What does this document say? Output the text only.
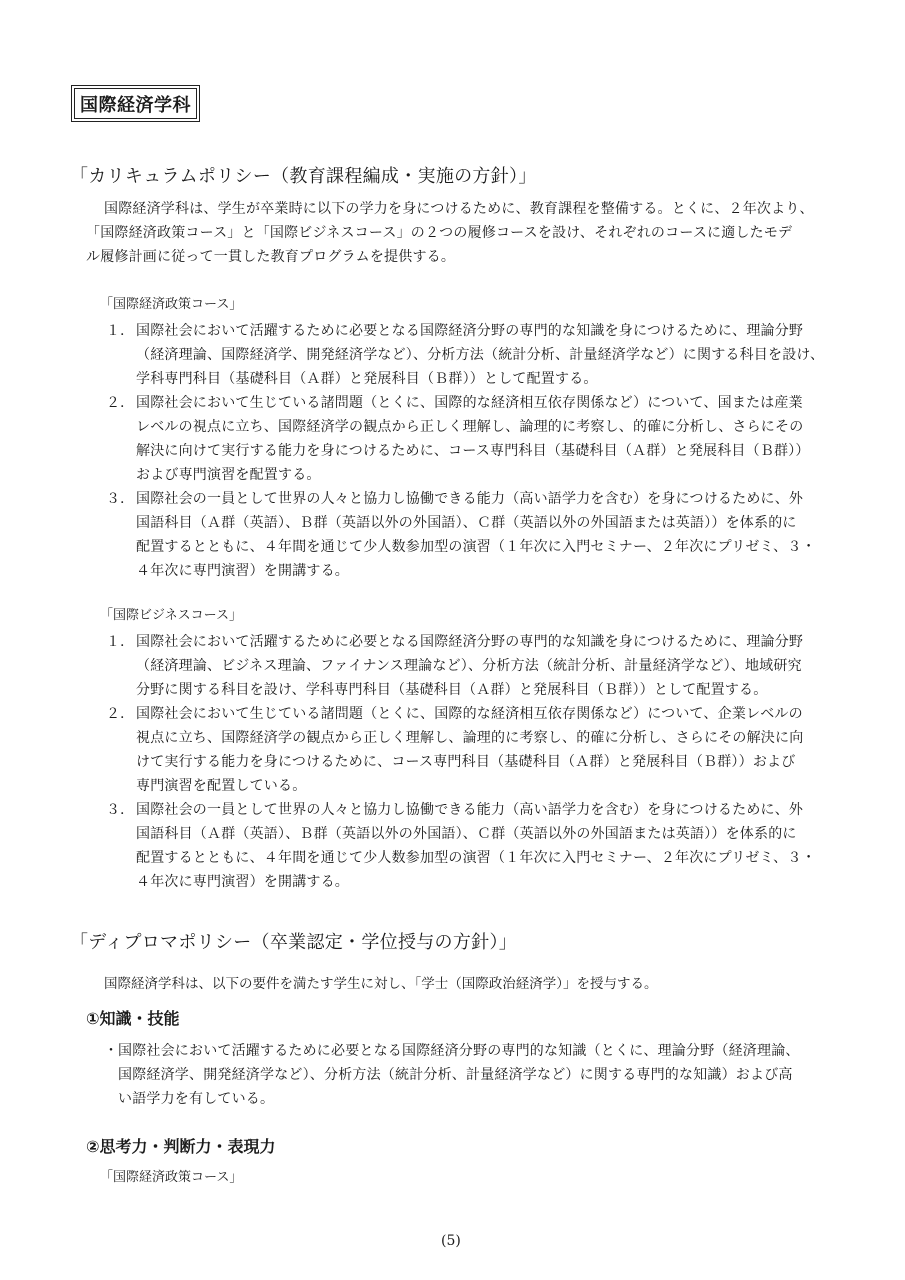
国際経済学科
「カリキュラムポリシー（教育課程編成・実施の方針）」
国際経済学科は、学生が卒業時に以下の学力を身につけるために、教育課程を整備する。とくに、２年次より、
「国際経済政策コース」と「国際ビジネスコース」の２つの履修コースを設け、それぞれのコースに適したモデ
ル履修計画に従って一貫した教育プログラムを提供する。
「国際経済政策コース」
１. 国際社会において活躍するために必要となる国際経済分野の専門的な知識を身につけるために、理論分野
（経済理論、国際経済学、開発経済学など）、分析方法（統計分析、計量経済学など）に関する科目を設け、
学科専門科目（基礎科目（Ａ群）と発展科目（Ｂ群））として配置する。
２. 国際社会において生じている諸問題（とくに、国際的な経済相互依存関係など）について、国または産業
レベルの視点に立ち、国際経済学の観点から正しく理解し、論理的に考察し、的確に分析し、さらにその
解決に向けて実行する能力を身につけるために、コース専門科目（基礎科目（Ａ群）と発展科目（Ｂ群））
および専門演習を配置する。
３. 国際社会の一員として世界の人々と協力し協働できる能力（高い語学力を含む）を身につけるために、外
国語科目（Ａ群（英語）、Ｂ群（英語以外の外国語）、Ｃ群（英語以外の外国語または英語））を体系的に
配置するとともに、４年間を通じて少人数参加型の演習（１年次に入門セミナー、２年次にプリゼミ、３・
４年次に専門演習）を開講する。
「国際ビジネスコース」
１. 国際社会において活躍するために必要となる国際経済分野の専門的な知識を身につけるために、理論分野
（経済理論、ビジネス理論、ファイナンス理論など）、分析方法（統計分析、計量経済学など）、地域研究
分野に関する科目を設け、学科専門科目（基礎科目（Ａ群）と発展科目（Ｂ群））として配置する。
２. 国際社会において生じている諸問題（とくに、国際的な経済相互依存関係など）について、企業レベルの
視点に立ち、国際経済学の観点から正しく理解し、論理的に考察し、的確に分析し、さらにその解決に向
けて実行する能力を身につけるために、コース専門科目（基礎科目（Ａ群）と発展科目（Ｂ群））および
専門演習を配置している。
３. 国際社会の一員として世界の人々と協力し協働できる能力（高い語学力を含む）を身につけるために、外
国語科目（Ａ群（英語）、Ｂ群（英語以外の外国語）、Ｃ群（英語以外の外国語または英語））を体系的に
配置するとともに、４年間を通じて少人数参加型の演習（１年次に入門セミナー、２年次にプリゼミ、３・
４年次に専門演習）を開講する。
「ディプロマポリシー（卒業認定・学位授与の方針）」
国際経済学科は、以下の要件を満たす学生に対し、「学士（国際政治経済学）」を授与する。
①知識・技能
・ 国際社会において活躍するために必要となる国際経済分野の専門的な知識（とくに、理論分野（経済理論、
国際経済学、開発経済学など）、分析方法（統計分析、計量経済学など）に関する専門的な知識）および高
い語学力を有している。
②思考力・判断力・表現力
「国際経済政策コース」
(5)
